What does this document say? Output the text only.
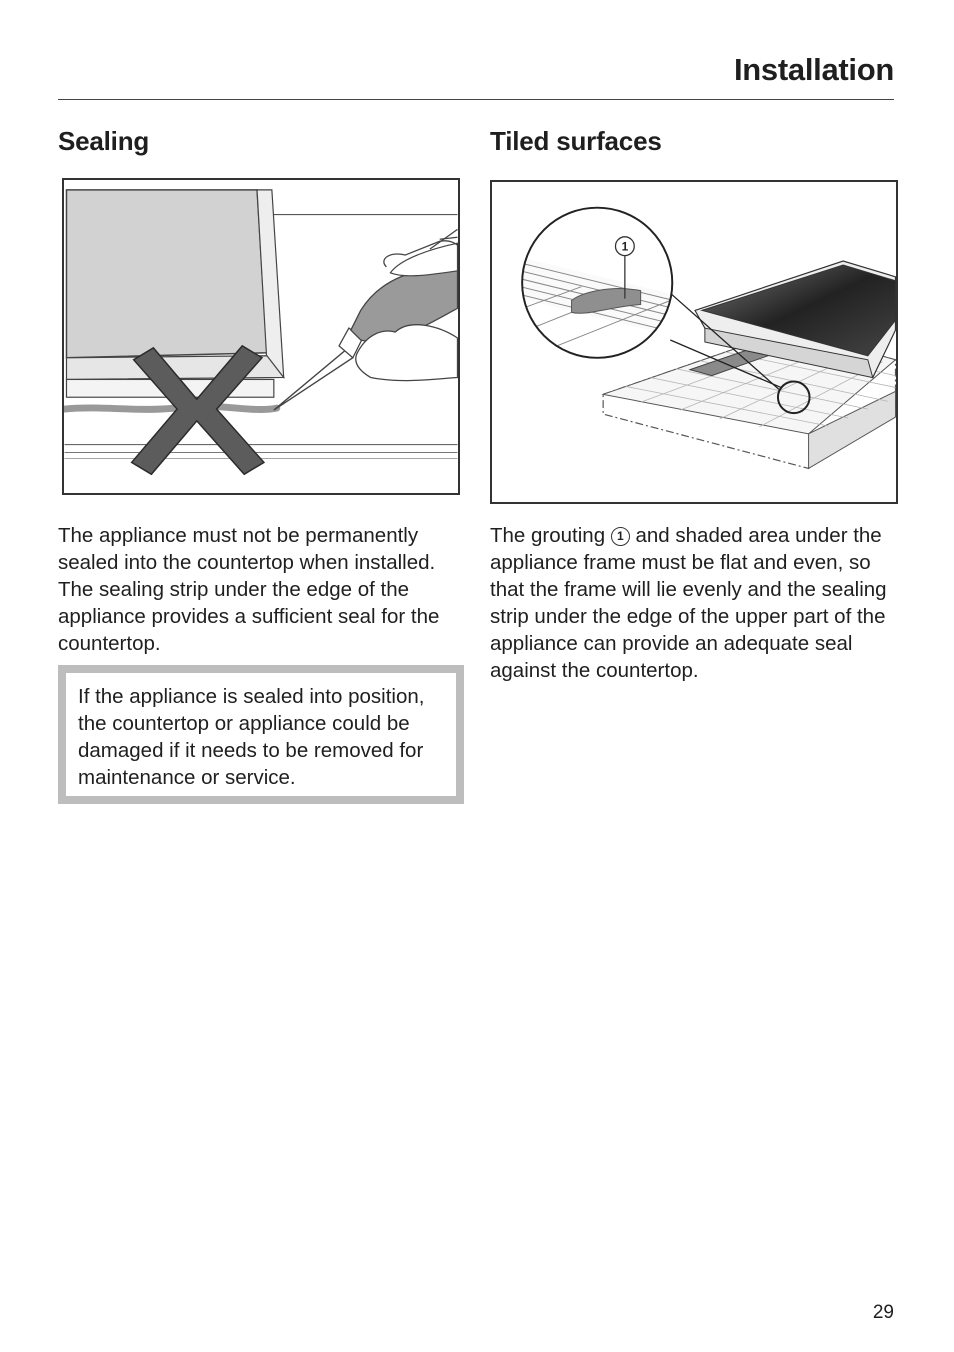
Installation
Sealing

The appliance must not be permanently sealed into the countertop when installed. The sealing strip under the edge of the appliance provides a sufficient seal for the countertop.

If the appliance is sealed into position, the countertop or appliance could be damaged if it needs to be removed for maintenance or service.
Tiled surfaces
1

The grouting 1 and shaded area under the appliance frame must be flat and even, so that the frame will lie evenly and the sealing strip under the edge of the upper part of the appliance can provide an adequate seal against the countertop.

29
